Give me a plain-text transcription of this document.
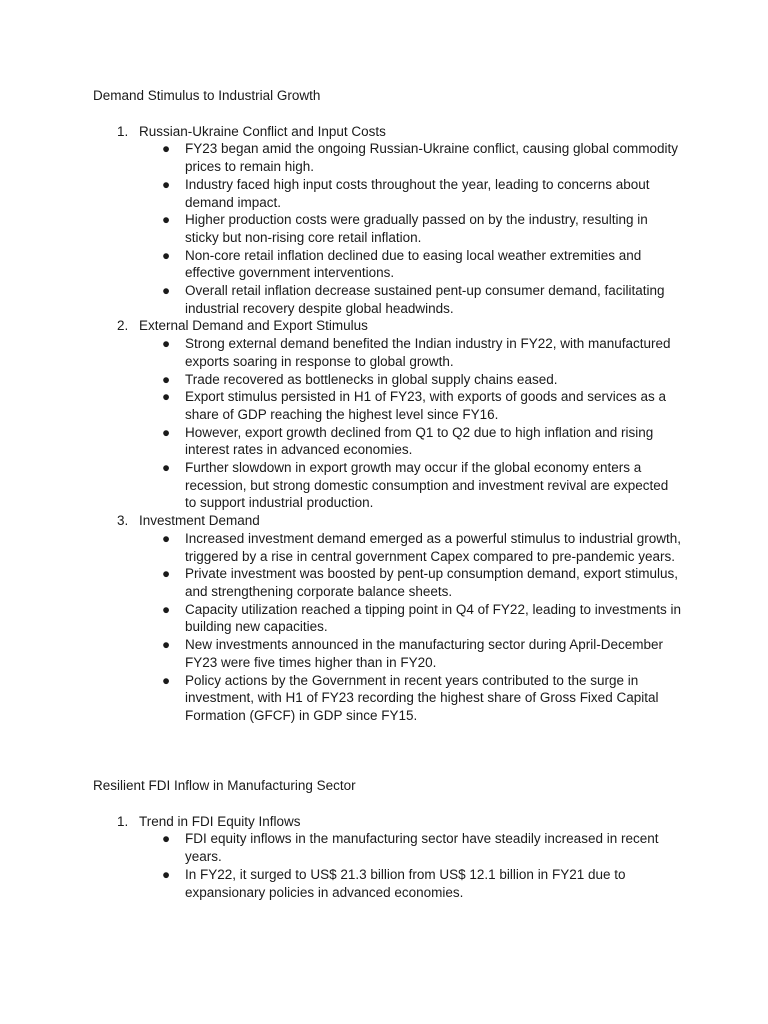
Demand Stimulus to Industrial Growth
1. Russian-Ukraine Conflict and Input Costs
● FY23 began amid the ongoing Russian-Ukraine conflict, causing global commodity prices to remain high.
● Industry faced high input costs throughout the year, leading to concerns about demand impact.
● Higher production costs were gradually passed on by the industry, resulting in sticky but non-rising core retail inflation.
● Non-core retail inflation declined due to easing local weather extremities and effective government interventions.
● Overall retail inflation decrease sustained pent-up consumer demand, facilitating industrial recovery despite global headwinds.
2. External Demand and Export Stimulus
● Strong external demand benefited the Indian industry in FY22, with manufactured exports soaring in response to global growth.
● Trade recovered as bottlenecks in global supply chains eased.
● Export stimulus persisted in H1 of FY23, with exports of goods and services as a share of GDP reaching the highest level since FY16.
● However, export growth declined from Q1 to Q2 due to high inflation and rising interest rates in advanced economies.
● Further slowdown in export growth may occur if the global economy enters a recession, but strong domestic consumption and investment revival are expected to support industrial production.
3. Investment Demand
● Increased investment demand emerged as a powerful stimulus to industrial growth, triggered by a rise in central government Capex compared to pre-pandemic years.
● Private investment was boosted by pent-up consumption demand, export stimulus, and strengthening corporate balance sheets.
● Capacity utilization reached a tipping point in Q4 of FY22, leading to investments in building new capacities.
● New investments announced in the manufacturing sector during April-December FY23 were five times higher than in FY20.
● Policy actions by the Government in recent years contributed to the surge in investment, with H1 of FY23 recording the highest share of Gross Fixed Capital Formation (GFCF) in GDP since FY15.
Resilient FDI Inflow in Manufacturing Sector
1. Trend in FDI Equity Inflows
● FDI equity inflows in the manufacturing sector have steadily increased in recent years.
● In FY22, it surged to US$ 21.3 billion from US$ 12.1 billion in FY21 due to expansionary policies in advanced economies.
